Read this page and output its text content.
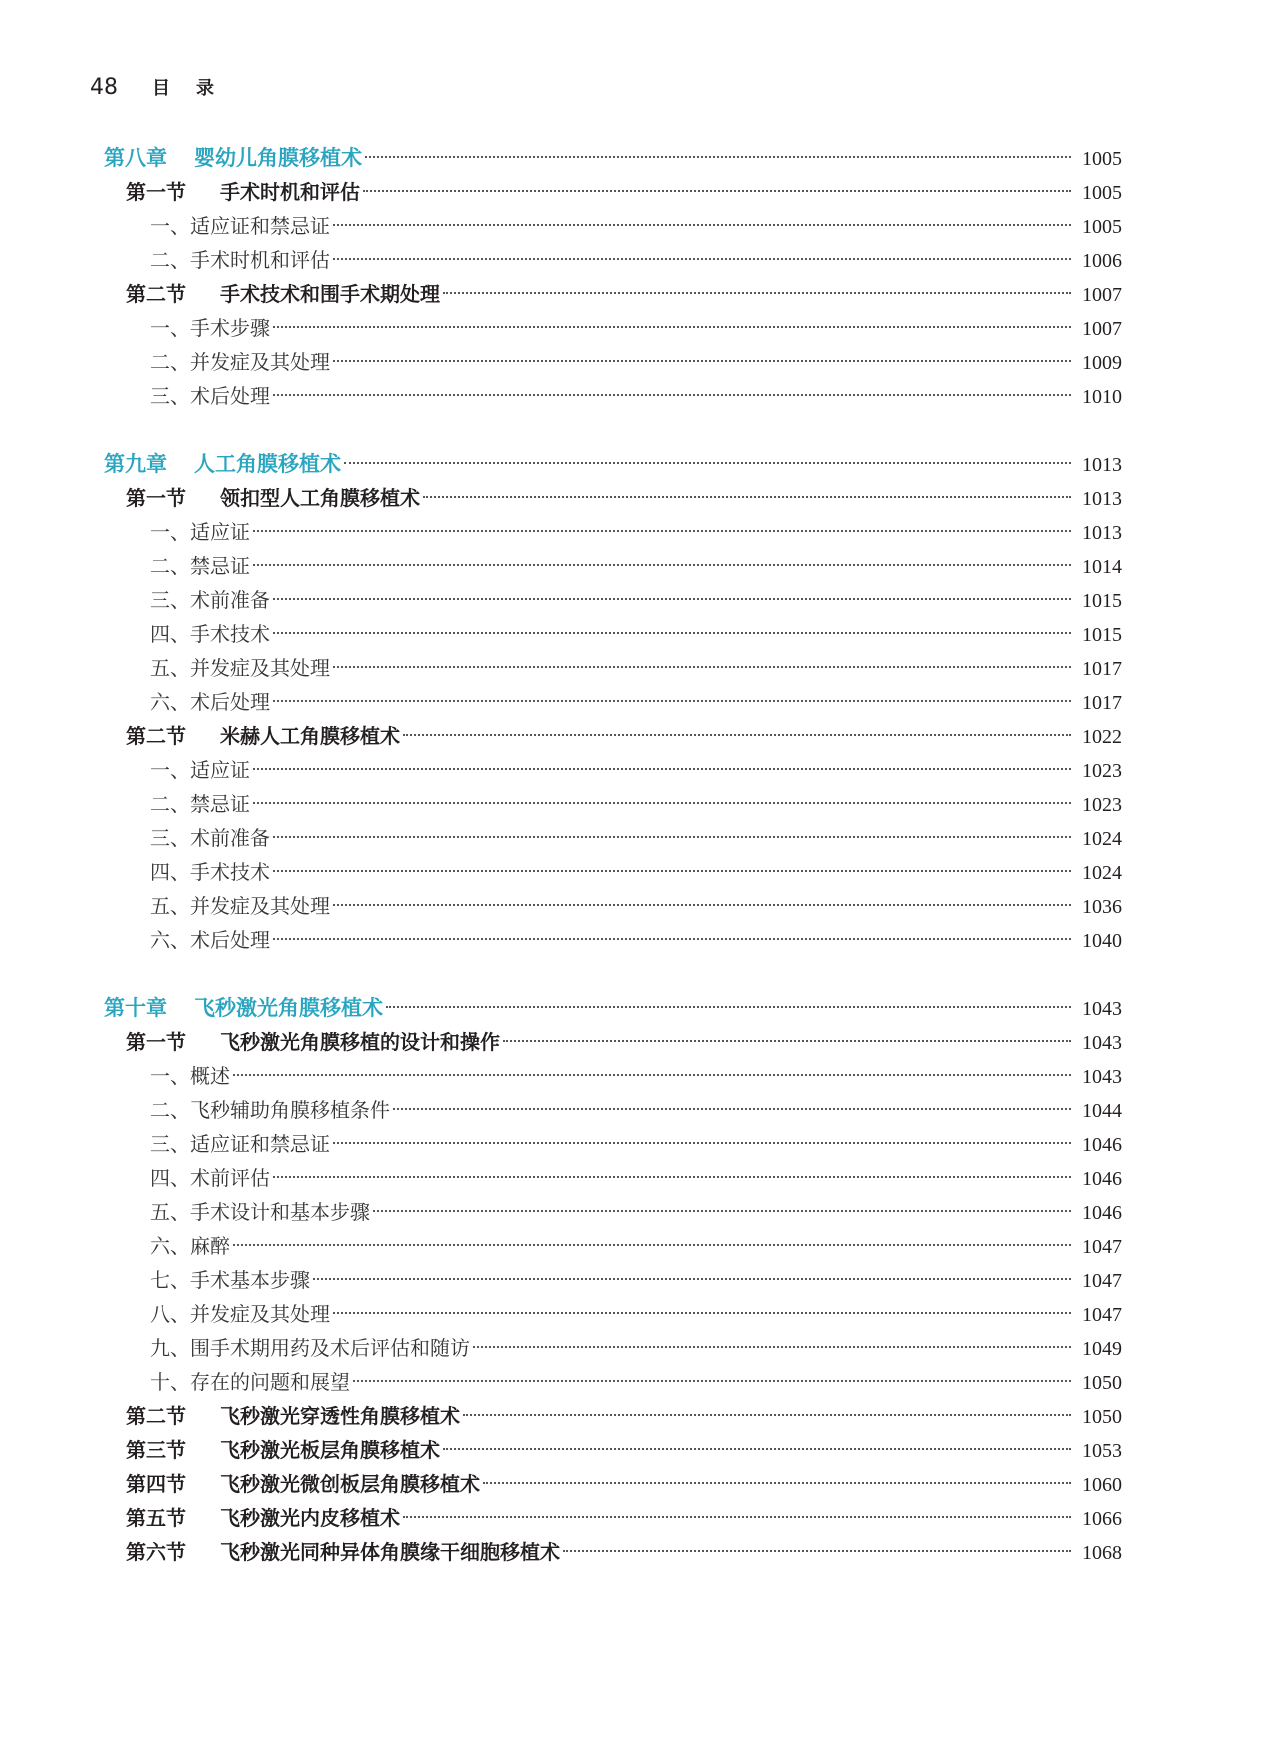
48	目录
第八章	婴幼儿角膜移植术	1005
第一节	手术时机和评估	1005
一、适应证和禁忌证	1005
二、手术时机和评估	1006
第二节	手术技术和围手术期处理	1007
一、手术步骤	1007
二、并发症及其处理	1009
三、术后处理	1010
第九章	人工角膜移植术	1013
第一节	领扣型人工角膜移植术	1013
一、适应证	1013
二、禁忌证	1014
三、术前准备	1015
四、手术技术	1015
五、并发症及其处理	1017
六、术后处理	1017
第二节	米赫人工角膜移植术	1022
一、适应证	1023
二、禁忌证	1023
三、术前准备	1024
四、手术技术	1024
五、并发症及其处理	1036
六、术后处理	1040
第十章	飞秒激光角膜移植术	1043
第一节	飞秒激光角膜移植的设计和操作	1043
一、概述	1043
二、飞秒辅助角膜移植条件	1044
三、适应证和禁忌证	1046
四、术前评估	1046
五、手术设计和基本步骤	1046
六、麻醉	1047
七、手术基本步骤	1047
八、并发症及其处理	1047
九、围手术期用药及术后评估和随访	1049
十、存在的问题和展望	1050
第二节	飞秒激光穿透性角膜移植术	1050
第三节	飞秒激光板层角膜移植术	1053
第四节	飞秒激光微创板层角膜移植术	1060
第五节	飞秒激光内皮移植术	1066
第六节	飞秒激光同种异体角膜缘干细胞移植术	1068
